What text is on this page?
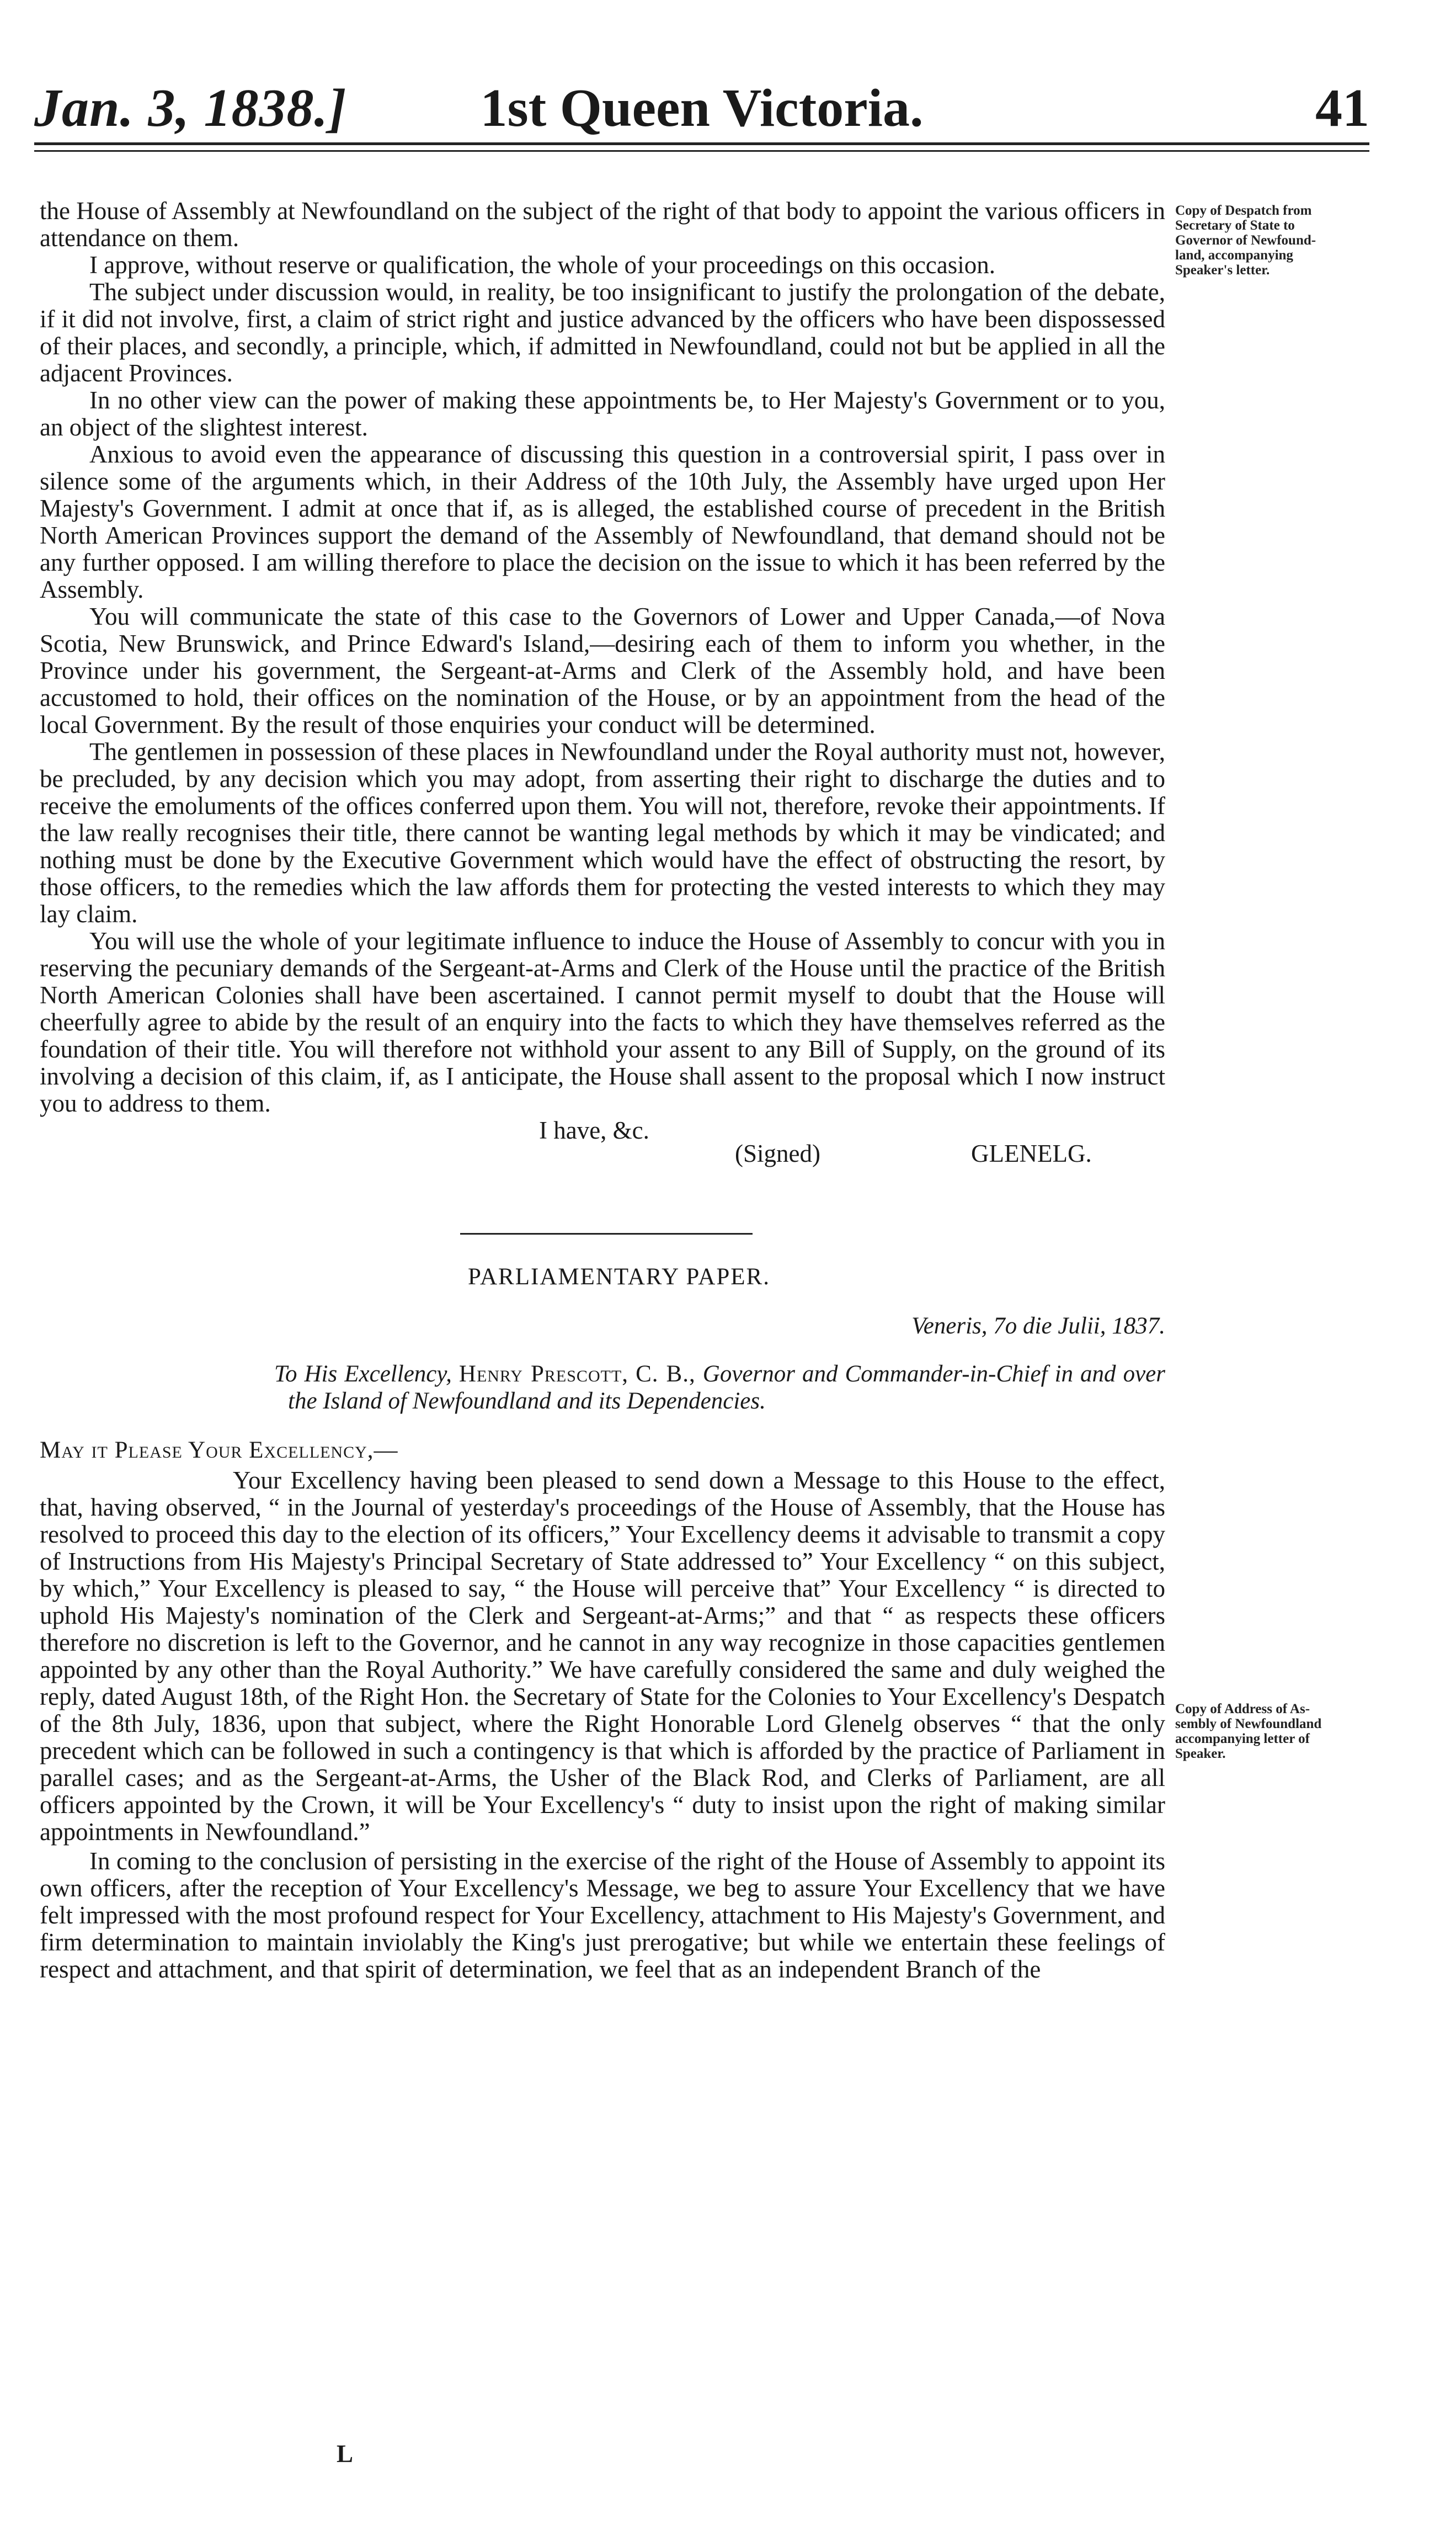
1st Queen Victoria.
Jan. 3, 1838.]	41
Copy of Despatch from
Secretary of State to
Governor of Newfound-
land, accompanying
Speaker's letter.
Copy of Address of As-
sembly of Newfoundland
accompanying letter of
Speaker.

the House of Assembly at Newfoundland on the subject of the right of that body to appoint the various officers in attendance on them.

I approve, without reserve or qualification, the whole of your proceedings on this occasion.

The subject under discussion would, in reality, be too insignificant to justify the prolongation of the debate, if it did not involve, first, a claim of strict right and justice advanced by the officers who have been dispossessed of their places, and secondly, a principle, which, if admitted in Newfoundland, could not but be applied in all the adjacent Provinces.

In no other view can the power of making these appointments be, to Her Majesty's Government or to you, an object of the slightest interest.

Anxious to avoid even the appearance of discussing this question in a controversial spirit, I pass over in silence some of the arguments which, in their Address of the 10th July, the Assembly have urged upon Her Majesty's Government. I admit at once that if, as is alleged, the established course of precedent in the British North American Provinces support the demand of the Assembly of Newfoundland, that demand should not be any further opposed. I am willing therefore to place the decision on the issue to which it has been referred by the Assembly.

You will communicate the state of this case to the Governors of Lower and Upper Canada,—of Nova Scotia, New Brunswick, and Prince Edward's Island,—desiring each of them to inform you whether, in the Province under his government, the Sergeant-at-Arms and Clerk of the Assembly hold, and have been accustomed to hold, their offices on the nomination of the House, or by an appointment from the head of the local Government. By the result of those enquiries your conduct will be determined.

The gentlemen in possession of these places in Newfoundland under the Royal authority must not, however, be precluded, by any decision which you may adopt, from asserting their right to discharge the duties and to receive the emoluments of the offices conferred upon them. You will not, therefore, revoke their appointments. If the law really recognises their title, there cannot be wanting legal methods by which it may be vindicated; and nothing must be done by the Executive Government which would have the effect of obstructing the resort, by those officers, to the remedies which the law affords them for protecting the vested interests to which they may lay claim.

You will use the whole of your legitimate influence to induce the House of Assembly to concur with you in reserving the pecuniary demands of the Sergeant-at-Arms and Clerk of the House until the practice of the British North American Colonies shall have been ascertained. I cannot permit myself to doubt that the House will cheerfully agree to abide by the result of an enquiry into the facts to which they have themselves referred as the foundation of their title. You will therefore not withhold your assent to any Bill of Supply, on the ground of its involving a decision of this claim, if, as I anticipate, the House shall assent to the proposal which I now instruct you to address to them.

I have, &c.
(Signed)	GLENELG.
PARLIAMENTARY PAPER.
Veneris, 7o die Julii, 1837.
To His Excellency, Henry Prescott, C. B., Governor and Commander-in-Chief in and over the Island of Newfoundland and its Dependencies.
May it Please Your Excellency,—

Your Excellency having been pleased to send down a Message to this House to the effect, that, having observed, “ in the Journal of yesterday's proceedings of the House of Assembly, that the House has resolved to proceed this day to the election of its officers,” Your Excellency deems it advisable to transmit a copy of Instructions from His Majesty's Principal Secretary of State addressed to” Your Excellency “ on this subject, by which,” Your Excellency is pleased to say, “ the House will perceive that” Your Excellency “ is directed to uphold His Majesty's nomination of the Clerk and Sergeant-at-Arms;” and that “ as respects these officers therefore no discretion is left to the Governor, and he cannot in any way recognize in those capacities gentlemen appointed by any other than the Royal Authority.” We have carefully considered the same and duly weighed the reply, dated August 18th, of the Right Hon. the Secretary of State for the Colonies to Your Excellency's Despatch of the 8th July, 1836, upon that subject, where the Right Honorable Lord Glenelg observes “ that the only precedent which can be followed in such a contingency is that which is afforded by the practice of Parliament in parallel cases; and as the Sergeant-at-Arms, the Usher of the Black Rod, and Clerks of Parliament, are all officers appointed by the Crown, it will be Your Excellency's “ duty to insist upon the right of making similar appointments in Newfoundland.”

In coming to the conclusion of persisting in the exercise of the right of the House of Assembly to appoint its own officers, after the reception of Your Excellency's Message, we beg to assure Your Excellency that we have felt impressed with the most profound respect for Your Excellency, attachment to His Majesty's Government, and firm determination to maintain inviolably the King's just prerogative; but while we entertain these feelings of respect and attachment, and that spirit of determination, we feel that as an independent Branch of the

L
